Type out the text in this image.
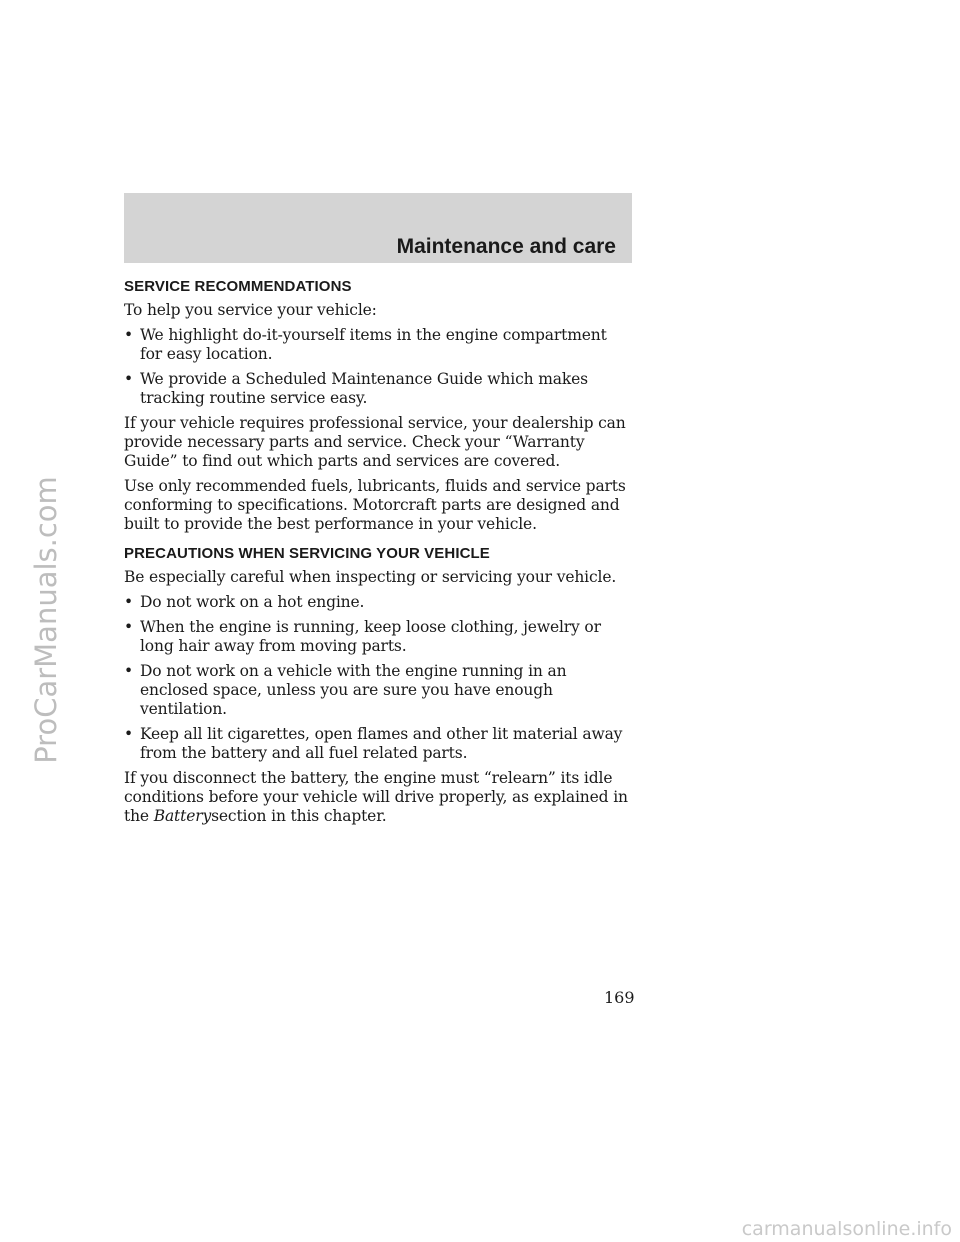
Maintenance and care
SERVICE RECOMMENDATIONS

To help you service your vehicle:

• We highlight do-it-yourself items in the engine compartment for easy location.
• We provide a Scheduled Maintenance Guide which makes tracking routine service easy.

If your vehicle requires professional service, your dealership can provide necessary parts and service. Check your “Warranty Guide” to find out which parts and services are covered.

Use only recommended fuels, lubricants, fluids and service parts conforming to specifications. Motorcraft parts are designed and built to provide the best performance in your vehicle.

PRECAUTIONS WHEN SERVICING YOUR VEHICLE

Be especially careful when inspecting or servicing your vehicle.

• Do not work on a hot engine.
• When the engine is running, keep loose clothing, jewelry or long hair away from moving parts.
• Do not work on a vehicle with the engine running in an enclosed space, unless you are sure you have enough ventilation.
• Keep all lit cigarettes, open flames and other lit material away from the battery and all fuel related parts.

If you disconnect the battery, the engine must “relearn” its idle conditions before your vehicle will drive properly, as explained in the Batterysection in this chapter.

169
ProCarManuals.com
carmanualsonline.info
